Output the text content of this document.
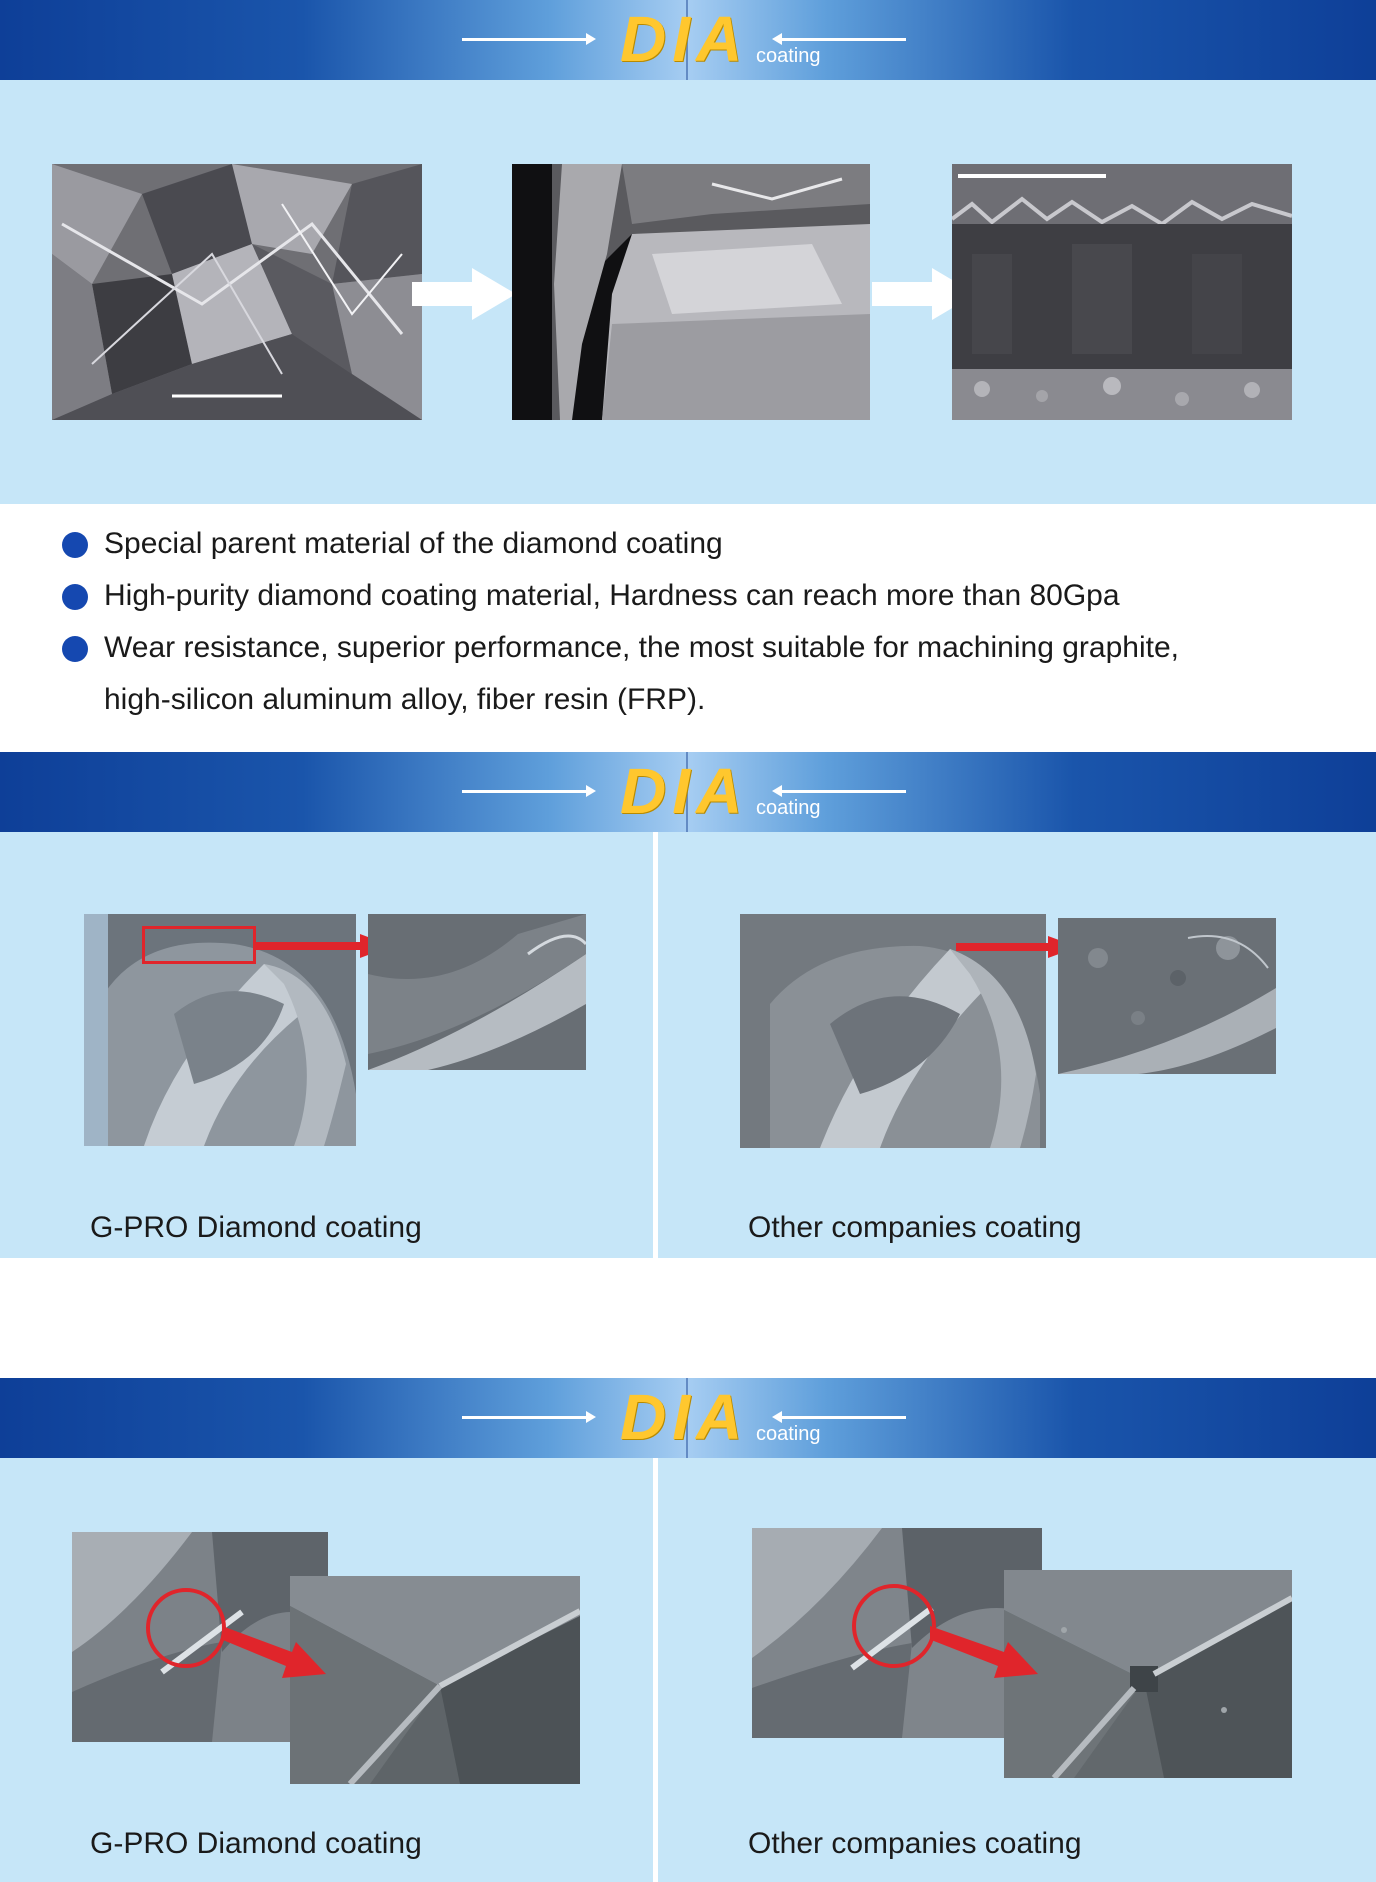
DIA coating
Special parent material of the diamond coating
High-purity diamond coating material, Hardness can reach more than 80Gpa
Wear resistance, superior performance, the most suitable for machining graphite,
high-silicon aluminum alloy, fiber resin (FRP).
DIA coating
G-PRO Diamond coating	Other companies coating
DIA coating
G-PRO Diamond coating	Other companies coating
